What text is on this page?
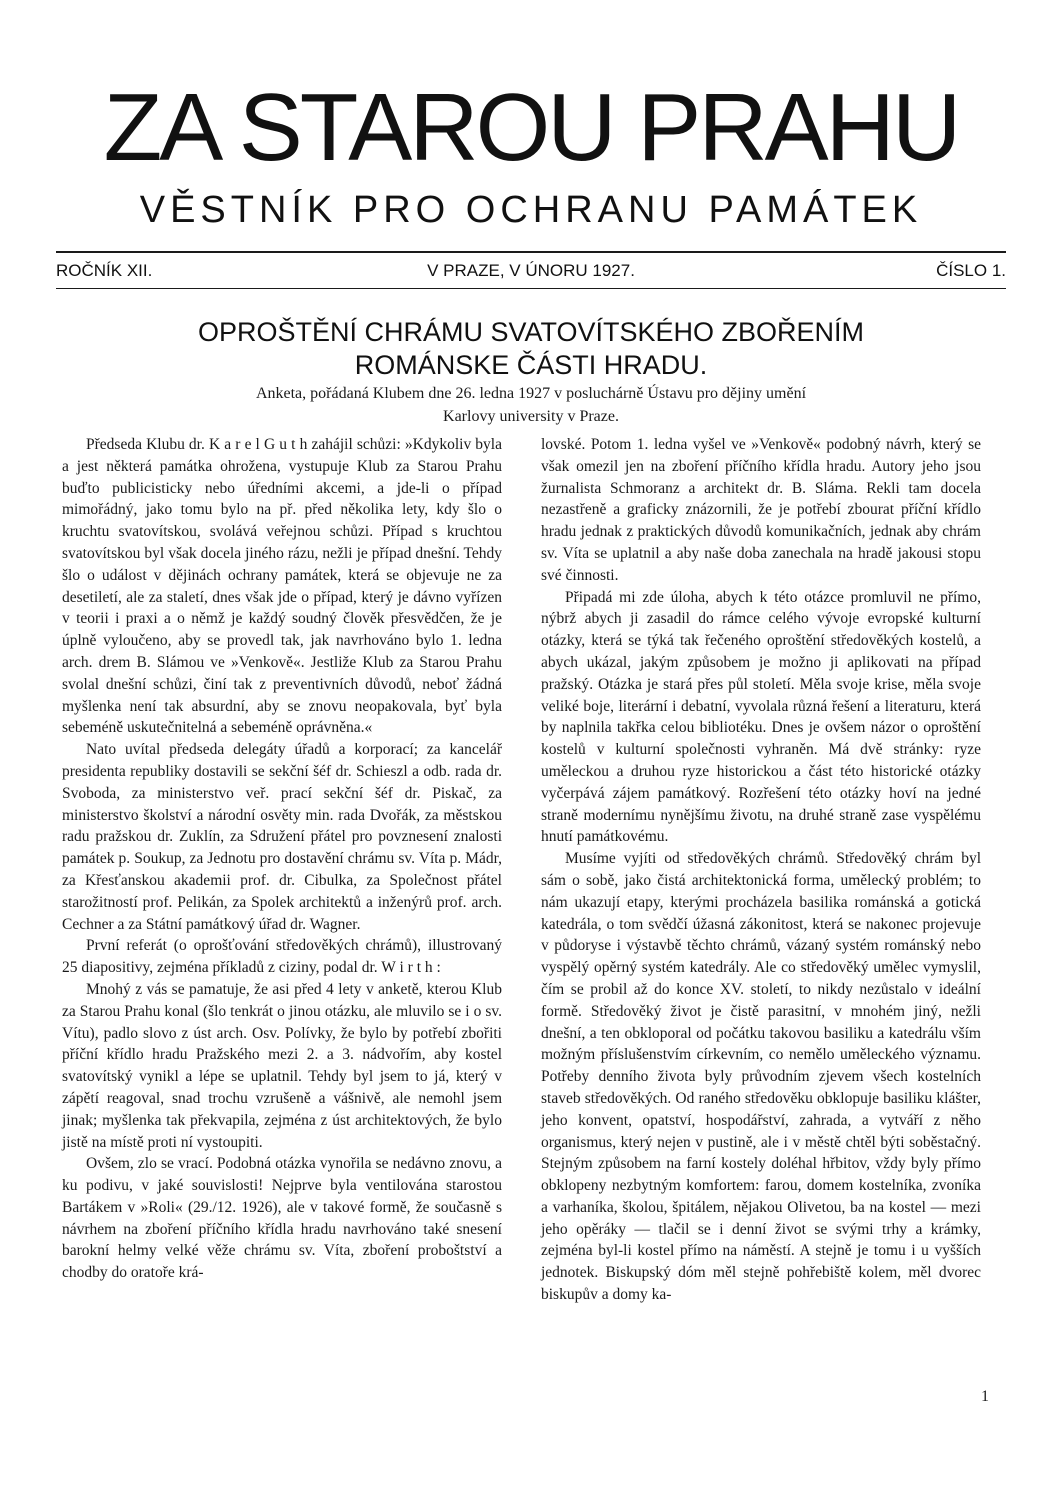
ZA STAROU PRAHU
VĚSTNÍK PRO OCHRANU PAMÁTEK
ROČNÍK XII.	V PRAZE, V ÚNORU 1927.	ČÍSLO 1.
OPROŠTĚNÍ CHRÁMU SVATOVÍTSKÉHO ZBOŘENÍM
ROMÁNSKE ČÁSTI HRADU.
Anketa, pořádaná Klubem dne 26. ledna 1927 v posluchárně Ústavu pro dějiny umění
Karlovy university v Praze.

Předseda Klubu dr. K a r e l G u t h zahájil schůzi: »Kdykoliv byla a jest některá památka ohrožena, vystupuje Klub za Starou Prahu buďto publicisticky nebo úředními akcemi, a jde-li o případ mimořádný, jako tomu bylo na př. před několika lety, kdy šlo o kruchtu svatovítskou, svolává veřejnou schůzi. Případ s kruchtou svatovítskou byl však docela jiného rázu, nežli je případ dnešní. Tehdy šlo o událost v dějinách ochrany památek, která se objevuje ne za desetiletí, ale za staletí, dnes však jde o případ, který je dávno vyřízen v teorii i praxi a o němž je každý soudný člověk přesvědčen, že je úplně vyloučeno, aby se provedl tak, jak navrhováno bylo 1. ledna arch. drem B. Slámou ve »Venkově«. Jestliže Klub za Starou Prahu svolal dnešní schůzi, činí tak z preventivních důvodů, neboť žádná myšlenka není tak absurdní, aby se znovu neopakovala, byť byla sebeméně uskutečnitelná a sebeméně oprávněna.«

Nato uvítal předseda delegáty úřadů a korporací; za kancelář presidenta republiky dostavili se sekční šéf dr. Schieszl a odb. rada dr. Svoboda, za ministerstvo veř. prací sekční šéf dr. Piskač, za ministerstvo školství a národní osvěty min. rada Dvořák, za městskou radu pražskou dr. Zuklín, za Sdružení přátel pro povznesení znalosti památek p. Soukup, za Jednotu pro dostavění chrámu sv. Víta p. Mádr, za Křesťanskou akademii prof. dr. Cibulka, za Společnost přátel starožitností prof. Pelikán, za Spolek architektů a inženýrů prof. arch. Cechner a za Státní památkový úřad dr. Wagner.

První referát (o oprošťování středověkých chrámů), illustrovaný 25 diapositivy, zejména příkladů z ciziny, podal dr. W i r t h :

Mnohý z vás se pamatuje, že asi před 4 lety v anketě, kterou Klub za Starou Prahu konal (šlo tenkrát o jinou otázku, ale mluvilo se i o sv. Vítu), padlo slovo z úst arch. Osv. Polívky, že bylo by potřebí zbořiti příční křídlo hradu Pražského mezi 2. a 3. nádvořím, aby kostel svatovítský vynikl a lépe se uplatnil. Tehdy byl jsem to já, který v zápětí reagoval, snad trochu vzrušeně a vášnivě, ale nemohl jsem jinak; myšlenka tak překvapila, zejména z úst architektových, že bylo jistě na místě proti ní vystoupiti.

Ovšem, zlo se vrací. Podobná otázka vynořila se nedávno znovu, a ku podivu, v jaké souvislosti! Nejprve byla ventilována starostou Bartákem v »Roli« (29./12. 1926), ale v takové formě, že současně s návrhem na zboření příčního křídla hradu navrhováno také snesení barokní helmy velké věže chrámu sv. Víta, zboření proboštství a chodby do oratoře krá-

lovské. Potom 1. ledna vyšel ve »Venkově« podobný návrh, který se však omezil jen na zboření příčního křídla hradu. Autory jeho jsou žurnalista Schmoranz a architekt dr. B. Sláma. Rekli tam docela nezastřeně a graficky znázornili, že je potřebí zbourat příční křídlo hradu jednak z praktických důvodů komunikačních, jednak aby chrám sv. Víta se uplatnil a aby naše doba zanechala na hradě jakousi stopu své činnosti.

Připadá mi zde úloha, abych k této otázce promluvil ne přímo, nýbrž abych ji zasadil do rámce celého vývoje evropské kulturní otázky, která se týká tak řečeného oproštění středověkých kostelů, a abych ukázal, jakým způsobem je možno ji aplikovati na případ pražský. Otázka je stará přes půl století. Měla svoje krise, měla svoje veliké boje, literární i debatní, vyvolala různá řešení a literaturu, která by naplnila takřka celou bibliotéku. Dnes je ovšem názor o oproštění kostelů v kulturní společnosti vyhraněn. Má dvě stránky: ryze uměleckou a druhou ryze historickou a část této historické otázky vyčerpává zájem památkový. Rozřešení této otázky hoví na jedné straně modernímu nynějšímu životu, na druhé straně zase vyspělému hnutí památkovému.

Musíme vyjíti od středověkých chrámů. Středověký chrám byl sám o sobě, jako čistá architektonická forma, umělecký problém; to nám ukazují etapy, kterými procházela basilika románská a gotická katedrála, o tom svědčí úžasná zákonitost, která se nakonec projevuje v půdoryse i výstavbě těchto chrámů, vázaný systém románský nebo vyspělý opěrný systém katedrály. Ale co středověký umělec vymyslil, čím se probil až do konce XV. století, to nikdy nezůstalo v ideální formě. Středověký život je čistě parasitní, v mnohém jiný, nežli dnešní, a ten obkloporal od počátku takovou basiliku a katedrálu vším možným příslušenstvím církevním, co nemělo uměleckého významu. Potřeby denního života byly průvodním zjevem všech kostelních staveb středověkých. Od raného středověku obklopuje basiliku klášter, jeho konvent, opatství, hospodářství, zahrada, a vytváří z něho organismus, který nejen v pustině, ale i v městě chtěl býti soběstačný. Stejným způsobem na farní kostely doléhal hřbitov, vždy byly přímo obklopeny nezbytným komfortem: farou, domem kostelníka, zvoníka a varhaníka, školou, špitálem, nějakou Olivetou, ba na kostel — mezi jeho opěráky — tlačil se i denní život se svými trhy a krámky, zejména byl-li kostel přímo na náměstí. A stejně je tomu i u vyšších jednotek. Biskupský dóm měl stejně pohřebiště kolem, měl dvorec biskupův a domy ka-

1
